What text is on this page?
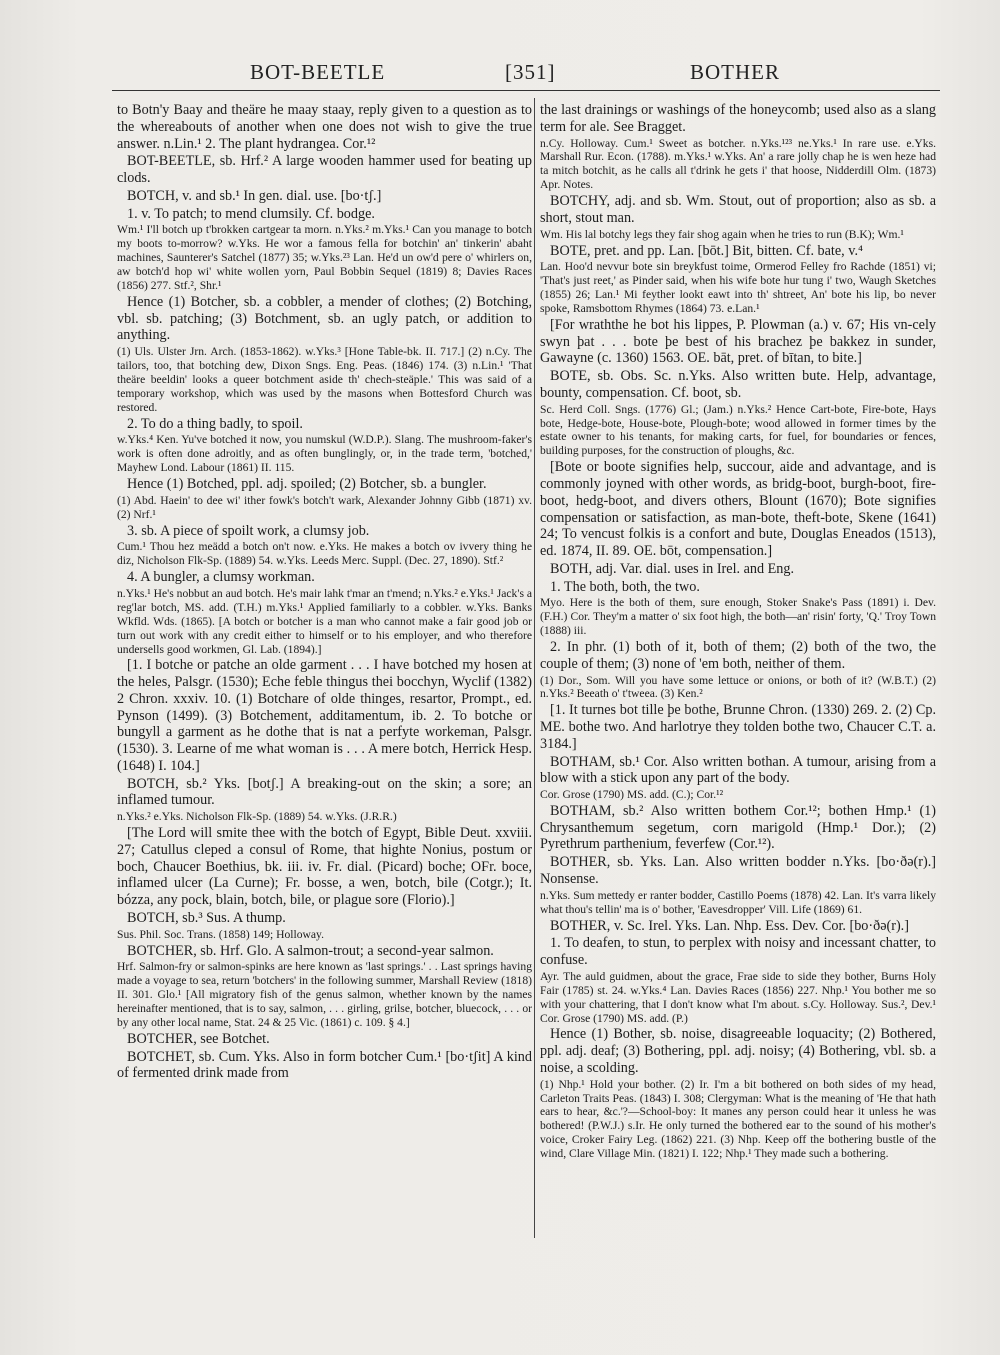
BOT-BEETLE	[351]	BOTHER

to Botn'y Baay and theäre he maay staay, reply given to a question as to the whereabouts of another when one does not wish to give the true answer. n.Lin.¹ 2. The plant hydrangea. Cor.¹²

BOT-BEETLE, sb. Hrf.² A large wooden hammer used for beating up clods.

BOTCH, v. and sb.¹ In gen. dial. use. [bo·tʃ.]

1. v. To patch; to mend clumsily. Cf. bodge.

Wm.¹ I'll botch up t'brokken cartgear ta morn. n.Yks.² m.Yks.¹ Can you manage to botch my boots to-morrow? w.Yks. He wor a famous fella for botchin' an' tinkerin' abaht machines, Saunterer's Satchel (1877) 35; w.Yks.²³ Lan. He'd un ow'd pere o' whirlers on, aw botch'd hop wi' white wollen yorn, Paul Bobbin Sequel (1819) 8; Davies Races (1856) 277. Stf.², Shr.¹

Hence (1) Botcher, sb. a cobbler, a mender of clothes; (2) Botching, vbl. sb. patching; (3) Botchment, sb. an ugly patch, or addition to anything.

(1) Uls. Ulster Jrn. Arch. (1853-1862). w.Yks.³ [Hone Table-bk. II. 717.] (2) n.Cy. The tailors, too, that botching dew, Dixon Sngs. Eng. Peas. (1846) 174. (3) n.Lin.¹ 'That theäre beeldin' looks a queer botchment aside th' chech-steäple.' This was said of a temporary workshop, which was used by the masons when Bottesford Church was restored.

2. To do a thing badly, to spoil.

w.Yks.⁴ Ken. Yu've botched it now, you numskul (W.D.P.). Slang. The mushroom-faker's work is often done adroitly, and as often bunglingly, or, in the trade term, 'botched,' Mayhew Lond. Labour (1861) II. 115.

Hence (1) Botched, ppl. adj. spoiled; (2) Botcher, sb. a bungler.

(1) Abd. Haein' to dee wi' ither fowk's botch't wark, Alexander Johnny Gibb (1871) xv. (2) Nrf.¹

3. sb. A piece of spoilt work, a clumsy job.

Cum.¹ Thou hez meädd a botch on't now. e.Yks. He makes a botch ov ivvery thing he diz, Nicholson Flk-Sp. (1889) 54. w.Yks. Leeds Merc. Suppl. (Dec. 27, 1890). Stf.²

4. A bungler, a clumsy workman.

n.Yks.¹ He's nobbut an aud botch. He's mair lahk t'mar an t'mend; n.Yks.² e.Yks.¹ Jack's a reg'lar botch, MS. add. (T.H.) m.Yks.¹ Applied familiarly to a cobbler. w.Yks. Banks Wkfld. Wds. (1865). [A botch or botcher is a man who cannot make a fair good job or turn out work with any credit either to himself or to his employer, and who therefore undersells good workmen, Gl. Lab. (1894).]

[1. I botche or patche an olde garment . . . I have botched my hosen at the heles, Palsgr. (1530); Eche feble thingus thei bocchyn, Wyclif (1382) 2 Chron. xxxiv. 10. (1) Botchare of olde thinges, resartor, Prompt., ed. Pynson (1499). (3) Botchement, additamentum, ib. 2. To botche or bungyll a garment as he dothe that is nat a perfyte workeman, Palsgr. (1530). 3. Learne of me what woman is . . . A mere botch, Herrick Hesp. (1648) I. 104.]

BOTCH, sb.² Yks. [botʃ.] A breaking-out on the skin; a sore; an inflamed tumour.

n.Yks.² e.Yks. Nicholson Flk-Sp. (1889) 54. w.Yks. (J.R.R.)

[The Lord will smite thee with the botch of Egypt, Bible Deut. xxviii. 27; Catullus cleped a consul of Rome, that highte Nonius, postum or boch, Chaucer Boethius, bk. iii. iv. Fr. dial. (Picard) boche; OFr. boce, inflamed ulcer (La Curne); Fr. bosse, a wen, botch, bile (Cotgr.); It. bózza, any pock, blain, botch, bile, or plague sore (Florio).]

BOTCH, sb.³ Sus. A thump.

Sus. Phil. Soc. Trans. (1858) 149; Holloway.

BOTCHER, sb. Hrf. Glo. A salmon-trout; a second-year salmon.

Hrf. Salmon-fry or salmon-spinks are here known as 'last springs.' . . Last springs having made a voyage to sea, return 'botchers' in the following summer, Marshall Review (1818) II. 301. Glo.¹ [All migratory fish of the genus salmon, whether known by the names hereinafter mentioned, that is to say, salmon, . . . girling, grilse, botcher, bluecock, . . . or by any other local name, Stat. 24 & 25 Vic. (1861) c. 109. § 4.]

BOTCHER, see Botchet.

BOTCHET, sb. Cum. Yks. Also in form botcher Cum.¹ [bo·tʃit] A kind of fermented drink made from

the last drainings or washings of the honeycomb; used also as a slang term for ale. See Bragget.

n.Cy. Holloway. Cum.¹ Sweet as botcher. n.Yks.¹²³ ne.Yks.¹ In rare use. e.Yks. Marshall Rur. Econ. (1788). m.Yks.¹ w.Yks. An' a rare jolly chap he is wen heze had ta mitch botchit, as he calls all t'drink he gets i' that hoose, Nidderdill Olm. (1873) Apr. Notes.

BOTCHY, adj. and sb. Wm. Stout, out of proportion; also as sb. a short, stout man.

Wm. His lal botchy legs they fair shog again when he tries to run (B.K); Wm.¹

BOTE, pret. and pp. Lan. [bōt.] Bit, bitten. Cf. bate, v.⁴

Lan. Hoo'd nevvur bote sin breykfust toime, Ormerod Felley fro Rachde (1851) vi; 'That's just reet,' as Pinder said, when his wife bote hur tung i' two, Waugh Sketches (1855) 26; Lan.¹ Mi feyther lookt eawt into th' shtreet, An' bote his lip, bo never spoke, Ramsbottom Rhymes (1864) 73. e.Lan.¹

[For wraththe he bot his lippes, P. Plowman (a.) v. 67; His vn-cely swyn þat . . . bote þe best of his brachez þe bakkez in sunder, Gawayne (c. 1360) 1563. OE. bāt, pret. of bītan, to bite.]

BOTE, sb. Obs. Sc. n.Yks. Also written bute. Help, advantage, bounty, compensation. Cf. boot, sb.

Sc. Herd Coll. Sngs. (1776) Gl.; (Jam.) n.Yks.² Hence Cart-bote, Fire-bote, Hays bote, Hedge-bote, House-bote, Plough-bote; wood allowed in former times by the estate owner to his tenants, for making carts, for fuel, for boundaries or fences, building purposes, for the construction of ploughs, &c.

[Bote or boote signifies help, succour, aide and advantage, and is commonly joyned with other words, as bridg-boot, burgh-boot, fire-boot, hedg-boot, and divers others, Blount (1670); Bote signifies compensation or satisfaction, as man-bote, theft-bote, Skene (1641) 24; To vencust folkis is a confort and bute, Douglas Eneados (1513), ed. 1874, II. 89. OE. bōt, compensation.]

BOTH, adj. Var. dial. uses in Irel. and Eng.

1. The both, both, the two.

Myo. Here is the both of them, sure enough, Stoker Snake's Pass (1891) i. Dev. (F.H.) Cor. They'm a matter o' six foot high, the both—an' risin' forty, 'Q.' Troy Town (1888) iii.

2. In phr. (1) both of it, both of them; (2) both of the two, the couple of them; (3) none of 'em both, neither of them.

(1) Dor., Som. Will you have some lettuce or onions, or both of it? (W.B.T.) (2) n.Yks.² Beeath o' t'tweea. (3) Ken.²

[1. It turnes bot tille þe bothe, Brunne Chron. (1330) 269. 2. (2) Cp. ME. bothe two. And harlotrye they tolden bothe two, Chaucer C.T. a. 3184.]

BOTHAM, sb.¹ Cor. Also written bothan. A tumour, arising from a blow with a stick upon any part of the body.

Cor. Grose (1790) MS. add. (C.); Cor.¹²

BOTHAM, sb.² Also written bothem Cor.¹²; bothen Hmp.¹ (1) Chrysanthemum segetum, corn marigold (Hmp.¹ Dor.); (2) Pyrethrum parthenium, feverfew (Cor.¹²).

BOTHER, sb. Yks. Lan. Also written bodder n.Yks. [bo·ðə(r).] Nonsense.

n.Yks. Sum mettedy er ranter bodder, Castillo Poems (1878) 42. Lan. It's varra likely what thou's tellin' ma is o' bother, 'Eavesdropper' Vill. Life (1869) 61.

BOTHER, v. Sc. Irel. Yks. Lan. Nhp. Ess. Dev. Cor. [bo·ðə(r).]

1. To deafen, to stun, to perplex with noisy and incessant chatter, to confuse.

Ayr. The auld guidmen, about the grace, Frae side to side they bother, Burns Holy Fair (1785) st. 24. w.Yks.⁴ Lan. Davies Races (1856) 227. Nhp.¹ You bother me so with your chattering, that I don't know what I'm about. s.Cy. Holloway. Sus.², Dev.¹ Cor. Grose (1790) MS. add. (P.)

Hence (1) Bother, sb. noise, disagreeable loquacity; (2) Bothered, ppl. adj. deaf; (3) Bothering, ppl. adj. noisy; (4) Bothering, vbl. sb. a noise, a scolding.

(1) Nhp.¹ Hold your bother. (2) Ir. I'm a bit bothered on both sides of my head, Carleton Traits Peas. (1843) I. 308; Clergyman: What is the meaning of 'He that hath ears to hear, &c.'?—School-boy: It manes any person could hear it unless he was bothered! (P.W.J.) s.Ir. He only turned the bothered ear to the sound of his mother's voice, Croker Fairy Leg. (1862) 221. (3) Nhp. Keep off the bothering bustle of the wind, Clare Village Min. (1821) I. 122; Nhp.¹ They made such a bothering.
